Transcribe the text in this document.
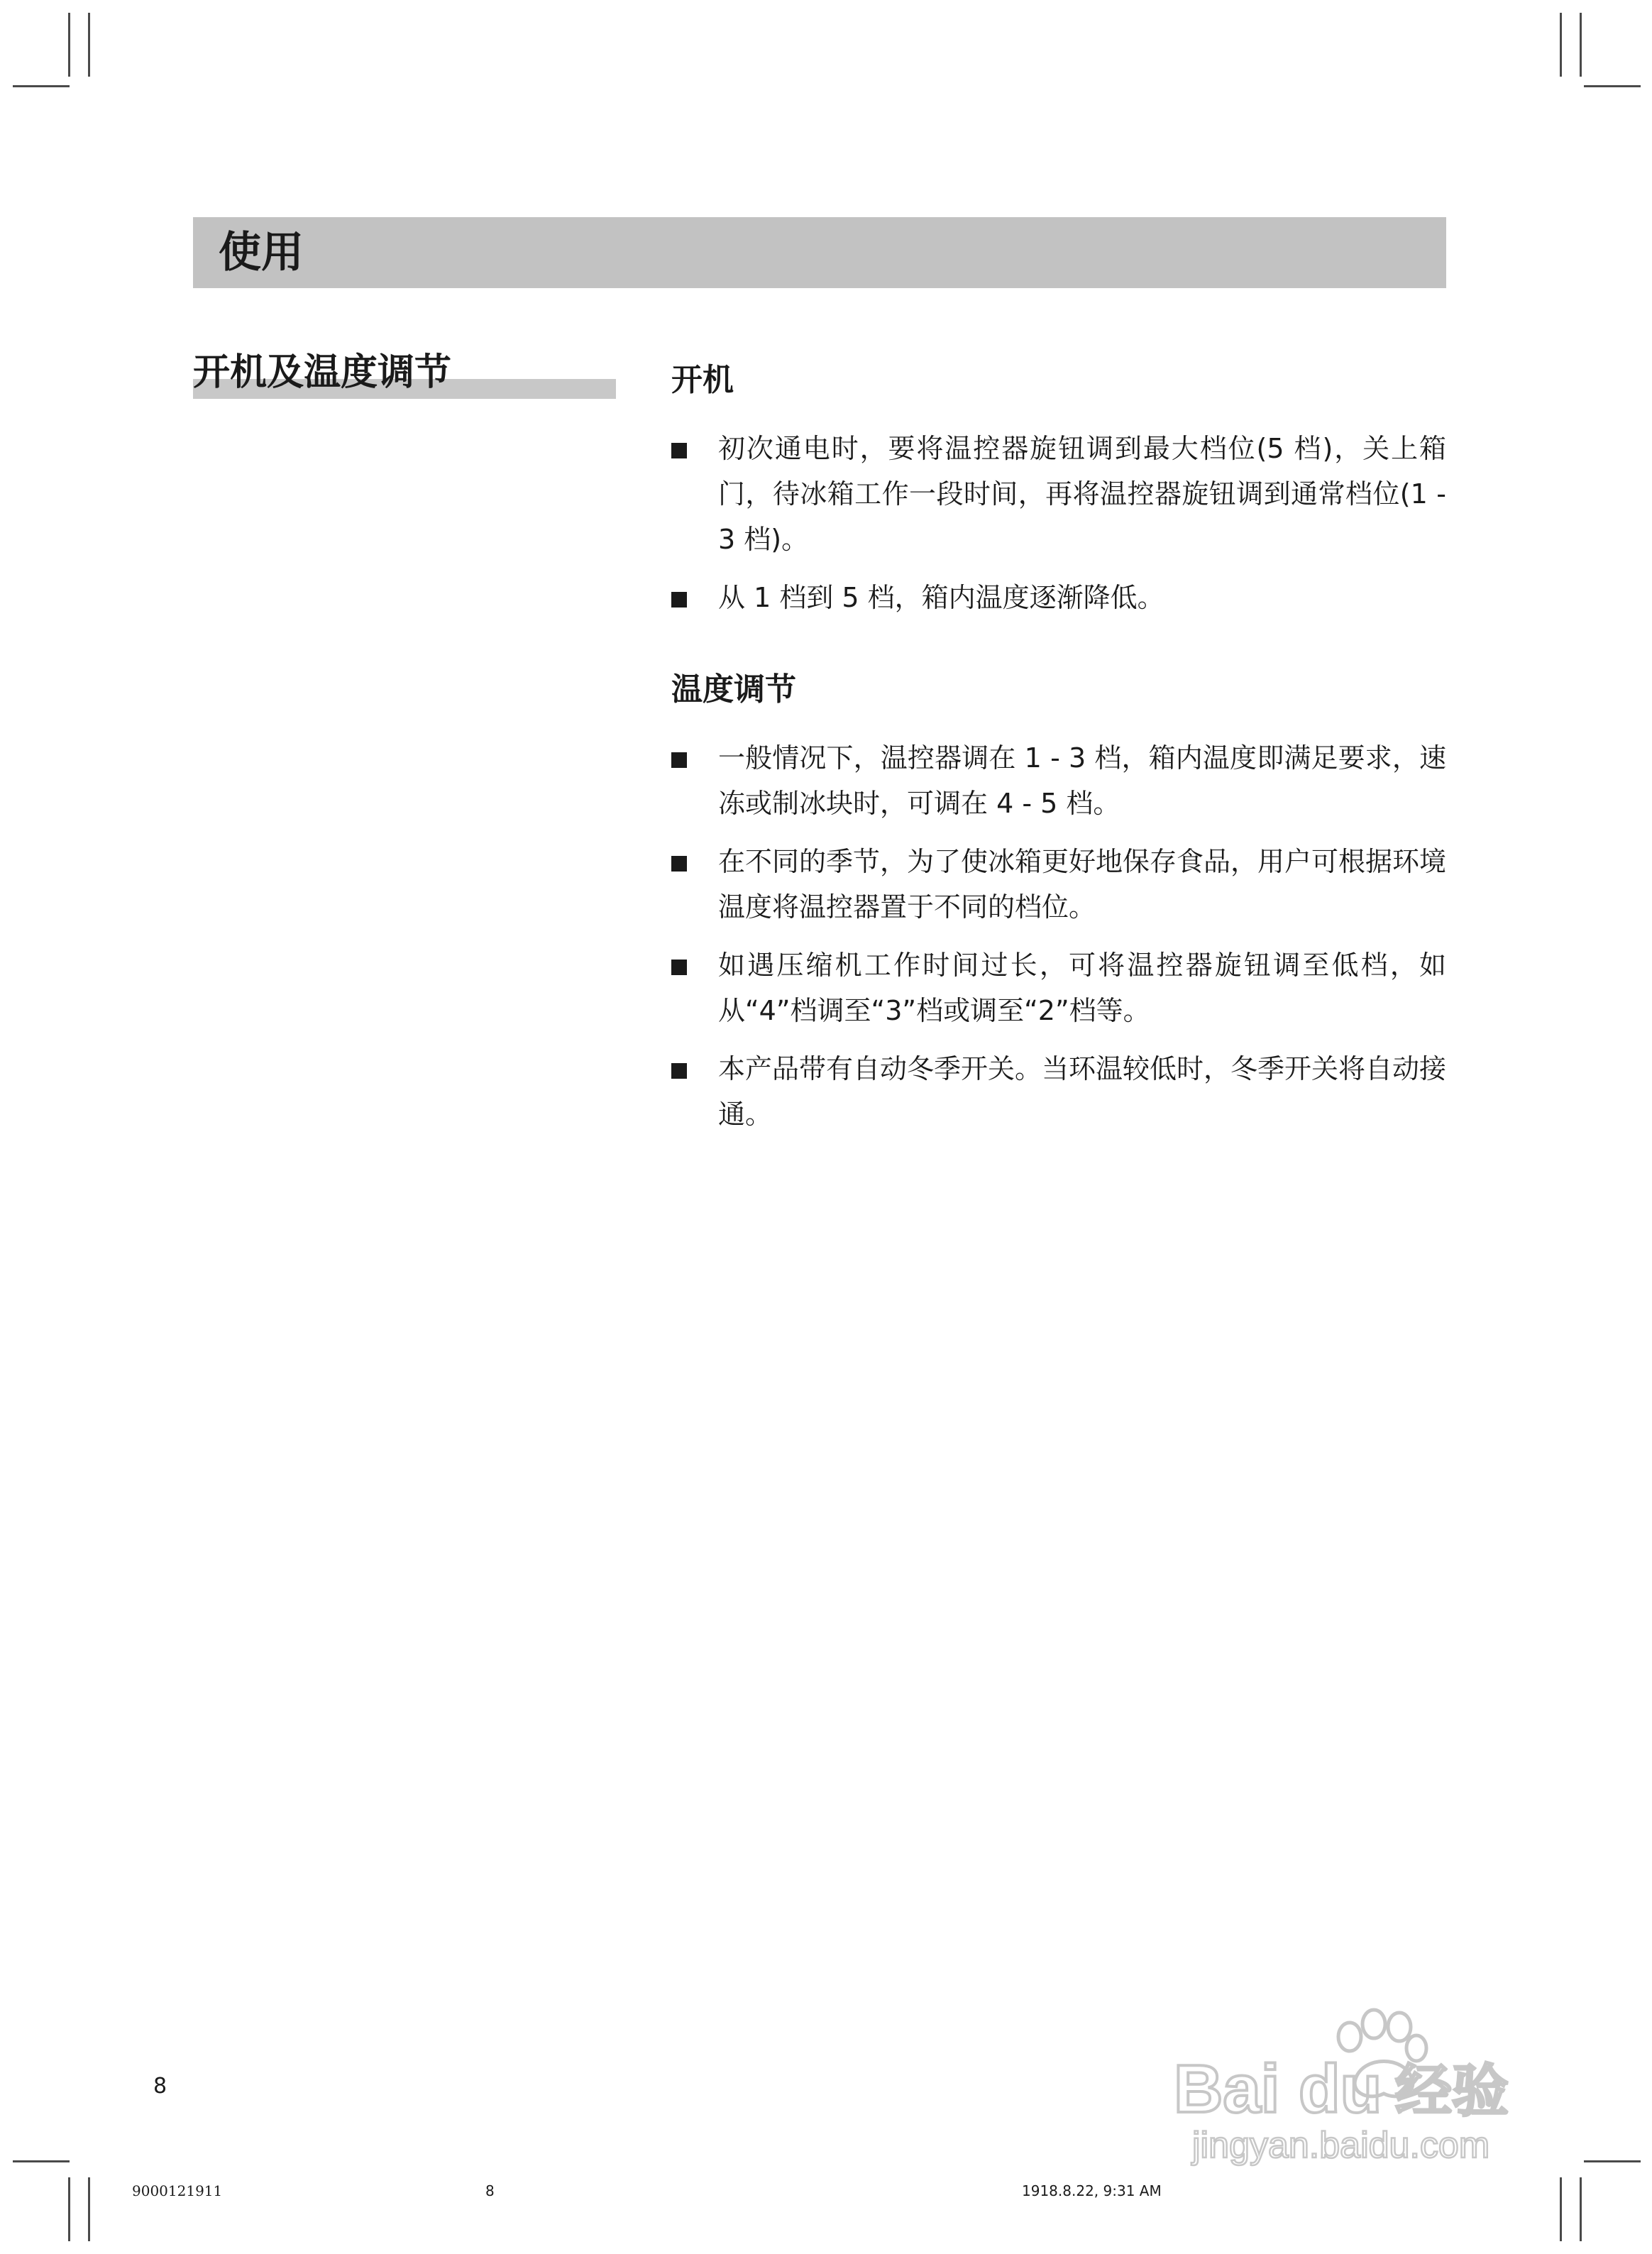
使用
开机及温度调节	开机
初次通电时，要将温控器旋钮调到最大档位(5 档)，关上箱门，待冰箱工作一段时间，再将温控器旋钮调到通常档位(1 - 3 档)。
从 1 档到 5 档，箱内温度逐渐降低。
温度调节
一般情况下，温控器调在 1 - 3 档，箱内温度即满足要求，速冻或制冰块时，可调在 4 - 5 档。
在不同的季节，为了使冰箱更好地保存食品，用户可根据环境温度将温控器置于不同的档位。
如遇压缩机工作时间过长，可将温控器旋钮调至低档，如从“4”档调至“3”档或调至“2”档等。
本产品带有自动冬季开关。当环温较低时，冬季开关将自动接通。
8
9000121911	8	1918.8.22, 9:31 AM
Bai du 经验
jingyan.baidu.com
